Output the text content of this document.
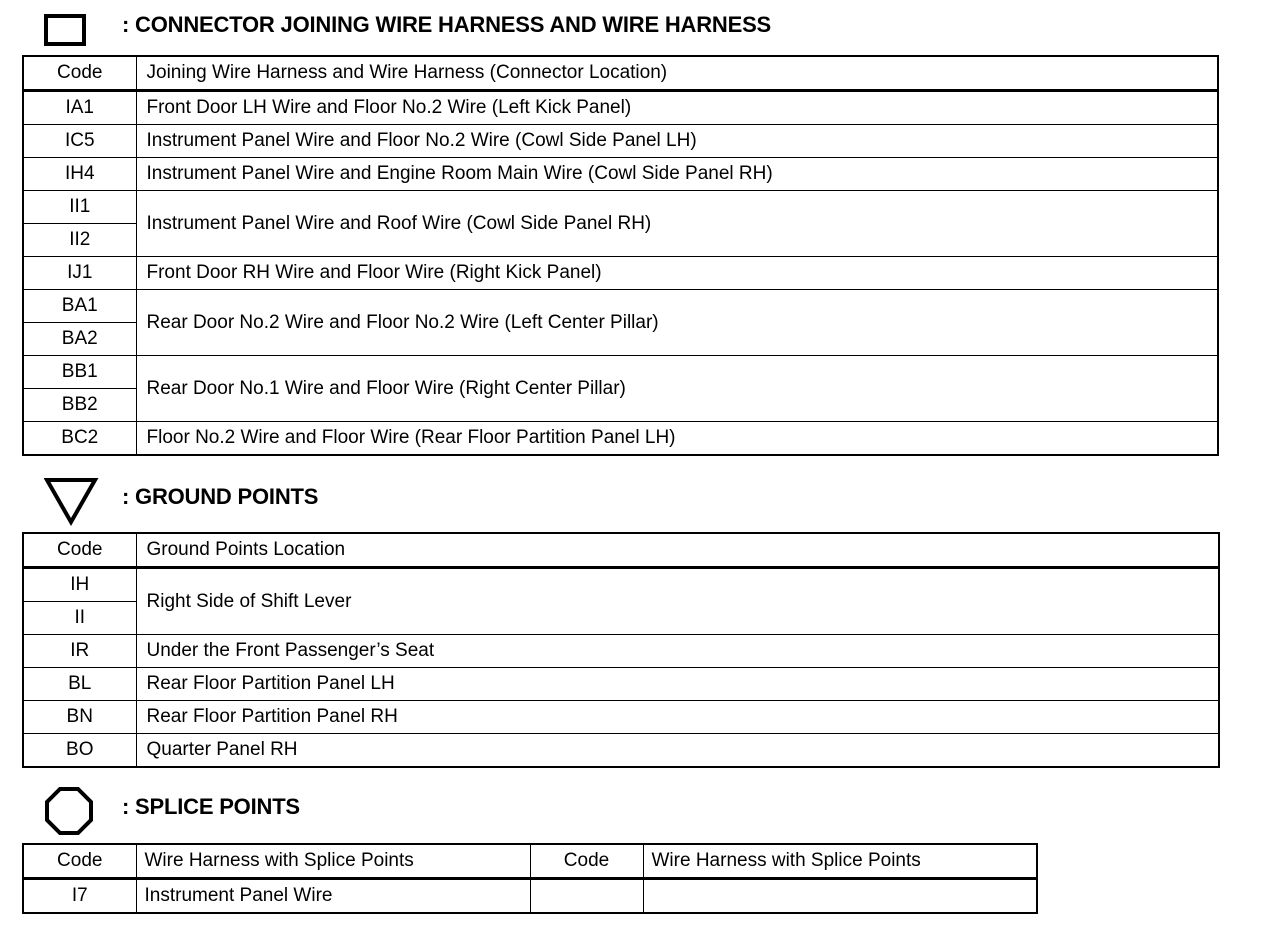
: CONNECTOR JOINING WIRE HARNESS AND WIRE HARNESS
Code	Joining Wire Harness and Wire Harness (Connector Location)
IA1	Front Door LH Wire and Floor No.2 Wire (Left Kick Panel)
IC5	Instrument Panel Wire and Floor No.2 Wire (Cowl Side Panel LH)
IH4	Instrument Panel Wire and Engine Room Main Wire (Cowl Side Panel RH)
II1	Instrument Panel Wire and Roof Wire (Cowl Side Panel RH)
II2	
IJ1	Front Door RH Wire and Floor Wire (Right Kick Panel)
BA1	Rear Door No.2 Wire and Floor No.2 Wire (Left Center Pillar)
BA2	
BB1	Rear Door No.1 Wire and Floor Wire (Right Center Pillar)
BB2	
BC2	Floor No.2 Wire and Floor Wire (Rear Floor Partition Panel LH)
: GROUND POINTS
Code	Ground Points Location
IH	Right Side of Shift Lever
II	
IR	Under the Front Passenger’s Seat
BL	Rear Floor Partition Panel LH
BN	Rear Floor Partition Panel RH
BO	Quarter Panel RH
: SPLICE POINTS
Code	Wire Harness with Splice Points	Code	Wire Harness with Splice Points
I7	Instrument Panel Wire		
